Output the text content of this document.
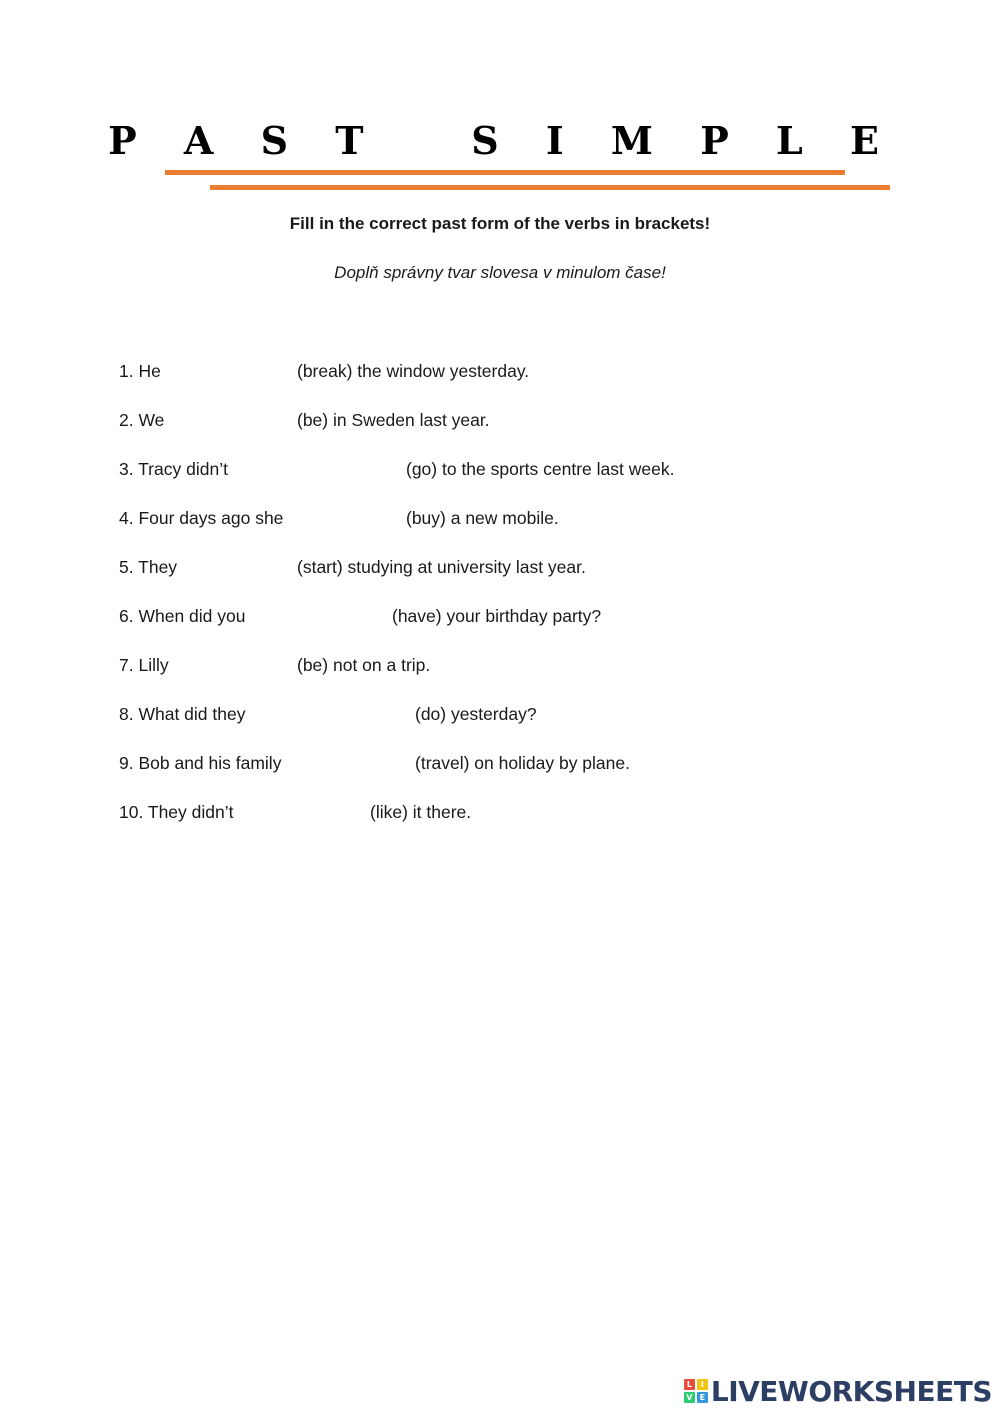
P A S T   S I M P L E
Fill in the correct past form of the verbs in brackets!
Doplň správny tvar slovesa v minulom čase!
1. He	(break) the window yesterday.
2. We	(be) in Sweden last year.
3. Tracy didn’t	(go) to the sports centre last week.
4. Four days ago she	(buy) a new mobile.
5. They	(start) studying at university last year.
6. When did you	(have) your birthday party?
7. Lilly	(be) not on a trip.
8. What did they	(do) yesterday?
9. Bob and his family	(travel) on holiday by plane.
10. They didn’t	(like) it there.
L	I
V E LIVEWORKSHEETS
